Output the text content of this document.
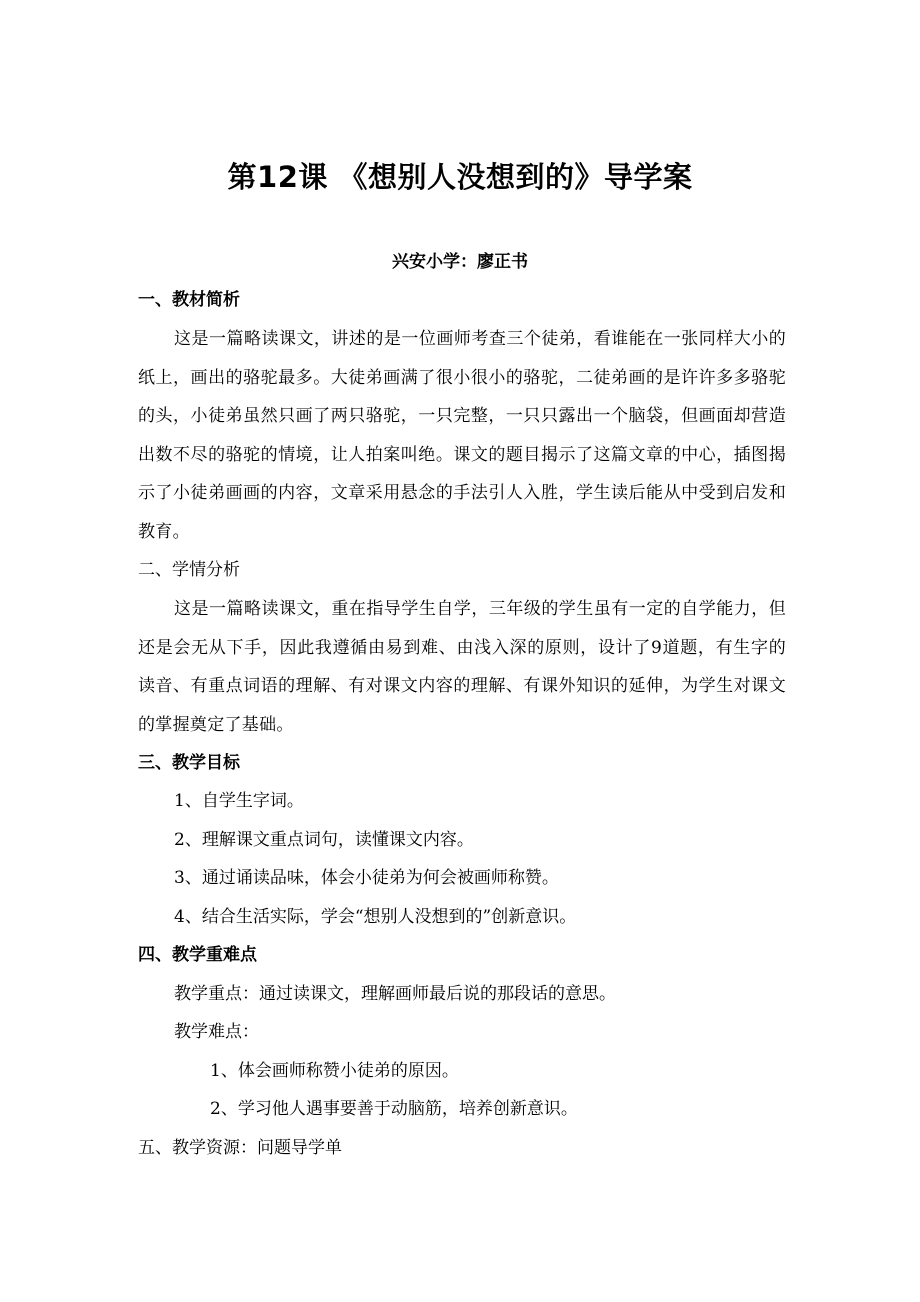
第12课 《想别人没想到的》导学案
兴安小学：廖正书
一、教材简析
这是一篇略读课文，讲述的是一位画师考查三个徒弟，看谁能在一张同样大小的纸上，画出的骆驼最多。大徒弟画满了很小很小的骆驼，二徒弟画的是许许多多骆驼的头，小徒弟虽然只画了两只骆驼，一只完整，一只只露出一个脑袋，但画面却营造出数不尽的骆驼的情境，让人拍案叫绝。课文的题目揭示了这篇文章的中心，插图揭示了小徒弟画画的内容，文章采用悬念的手法引人入胜，学生读后能从中受到启发和教育。
二、学情分析
这是一篇略读课文，重在指导学生自学，三年级的学生虽有一定的自学能力，但还是会无从下手，因此我遵循由易到难、由浅入深的原则，设计了9道题，有生字的读音、有重点词语的理解、有对课文内容的理解、有课外知识的延伸，为学生对课文的掌握奠定了基础。
三、教学目标
1、自学生字词。
2、理解课文重点词句，读懂课文内容。
3、通过诵读品味，体会小徒弟为何会被画师称赞。
4、结合生活实际，学会“想别人没想到的”创新意识。
四、教学重难点
教学重点：通过读课文，理解画师最后说的那段话的意思。
教学难点：
1、体会画师称赞小徒弟的原因。
2、学习他人遇事要善于动脑筋，培养创新意识。
五、教学资源：问题导学单
